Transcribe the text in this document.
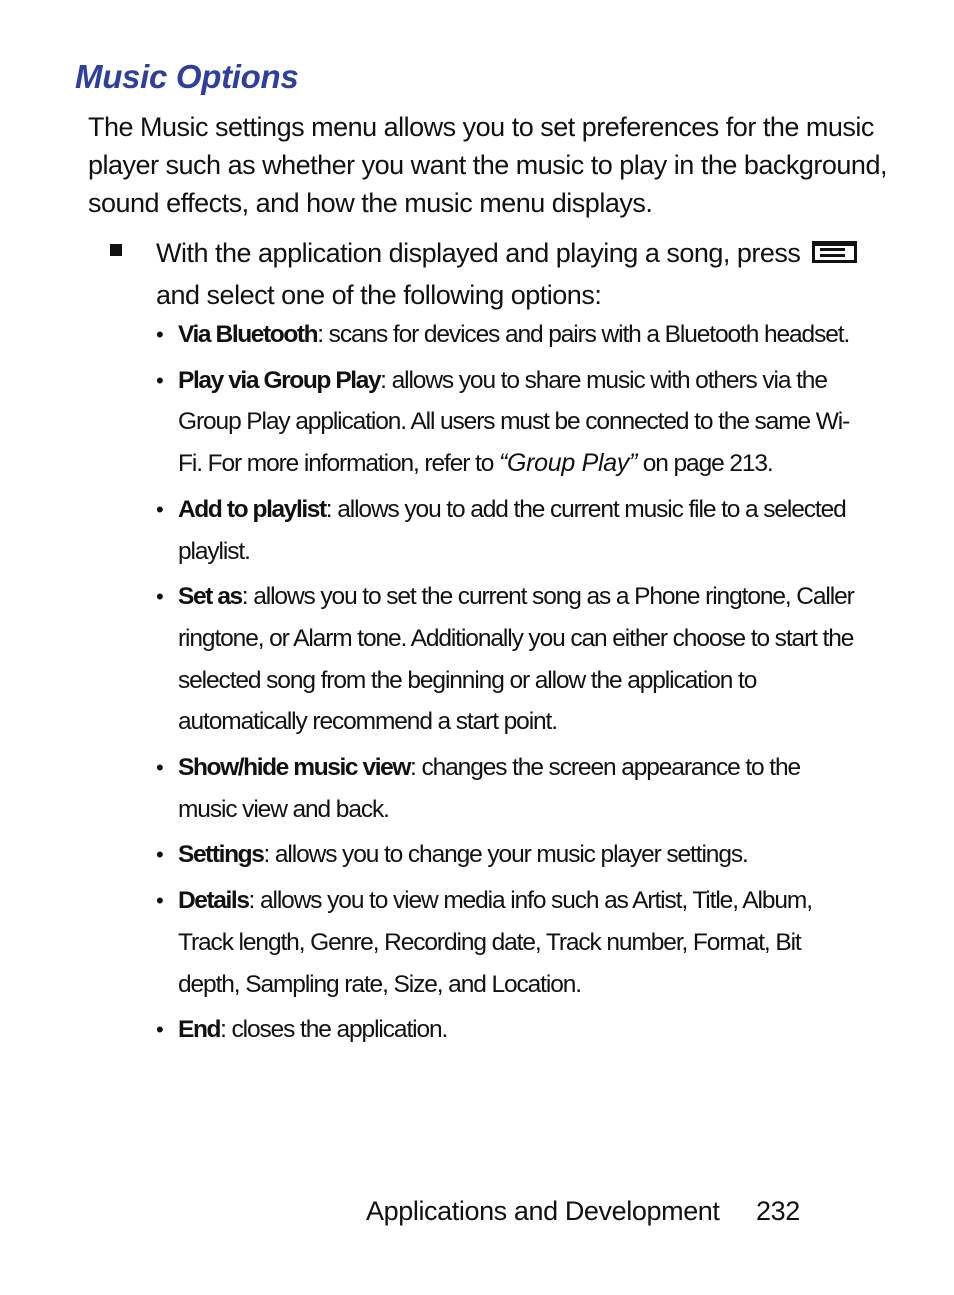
Music Options

The Music settings menu allows you to set preferences for the music player such as whether you want the music to play in the background, sound effects, and how the music menu displays.

With the application displayed and playing a song, press and select one of the following options:

• Via Bluetooth: scans for devices and pairs with a Bluetooth headset.
• Play via Group Play: allows you to share music with others via the Group Play application. All users must be connected to the same Wi-Fi. For more information, refer to “Group Play” on page 213.
• Add to playlist: allows you to add the current music file to a selected playlist.
• Set as: allows you to set the current song as a Phone ringtone, Caller ringtone, or Alarm tone. Additionally you can either choose to start the selected song from the beginning or allow the application to automatically recommend a start point.
• Show/hide music view: changes the screen appearance to the music view and back.
• Settings: allows you to change your music player settings.
• Details: allows you to view media info such as Artist, Title, Album, Track length, Genre, Recording date, Track number, Format, Bit depth, Sampling rate, Size, and Location.
• End: closes the application.
Applications and Development 232
